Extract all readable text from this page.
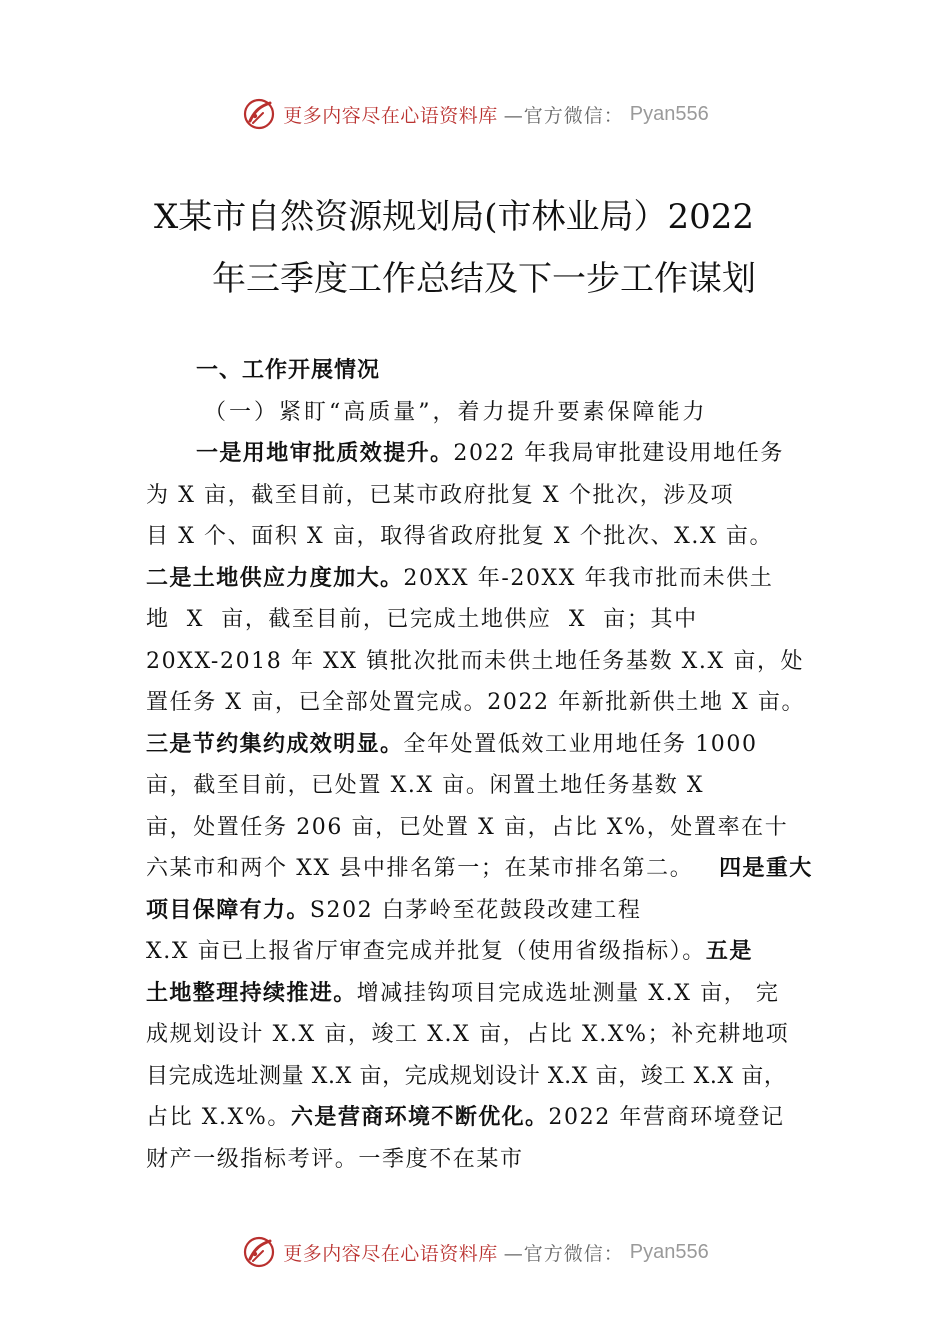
更多内容尽在心语资料库 —官方微信： Pyan556
X某市自然资源规划局(市林业局）2022
年三季度工作总结及下一步工作谋划
一、工作开展情况
（一）紧盯“高质量”，着力提升要素保障能力
一是用地审批质效提升。2022 年我局审批建设用地任务
为 X 亩，截至目前，已某市政府批复 X 个批次，涉及项
目 X 个、面积 X 亩，取得省政府批复 X 个批次、X.X 亩。
二是土地供应力度加大。20XX 年-20XX 年我市批而未供土
地  X  亩，截至目前，已完成土地供应  X  亩；其中
20XX-2018 年 XX 镇批次批而未供土地任务基数 X.X 亩，处
置任务 X 亩，已全部处置完成。2022 年新批新供土地 X 亩。
三是节约集约成效明显。全年处置低效工业用地任务 1000
亩，截至目前，已处置 X.X 亩。闲置土地任务基数 X
亩，处置任务 206 亩，已处置 X 亩，占比 X%，处置率在十
六某市和两个 XX 县中排名第一；在某市排名第二。 四是重大
项目保障有力。S202 白茅岭至花鼓段改建工程
X.X 亩已上报省厅审查完成并批复（使用省级指标）。五是
土地整理持续推进。增减挂钩项目完成选址测量 X.X 亩， 完
成规划设计 X.X 亩，竣工 X.X 亩，占比 X.X%；补充耕地项
目完成选址测量 X.X 亩，完成规划设计 X.X 亩，竣工 X.X 亩，
占比 X.X%。六是营商环境不断优化。2022 年营商环境登记
财产一级指标考评。一季度不在某市
更多内容尽在心语资料库 —官方微信： Pyan556
